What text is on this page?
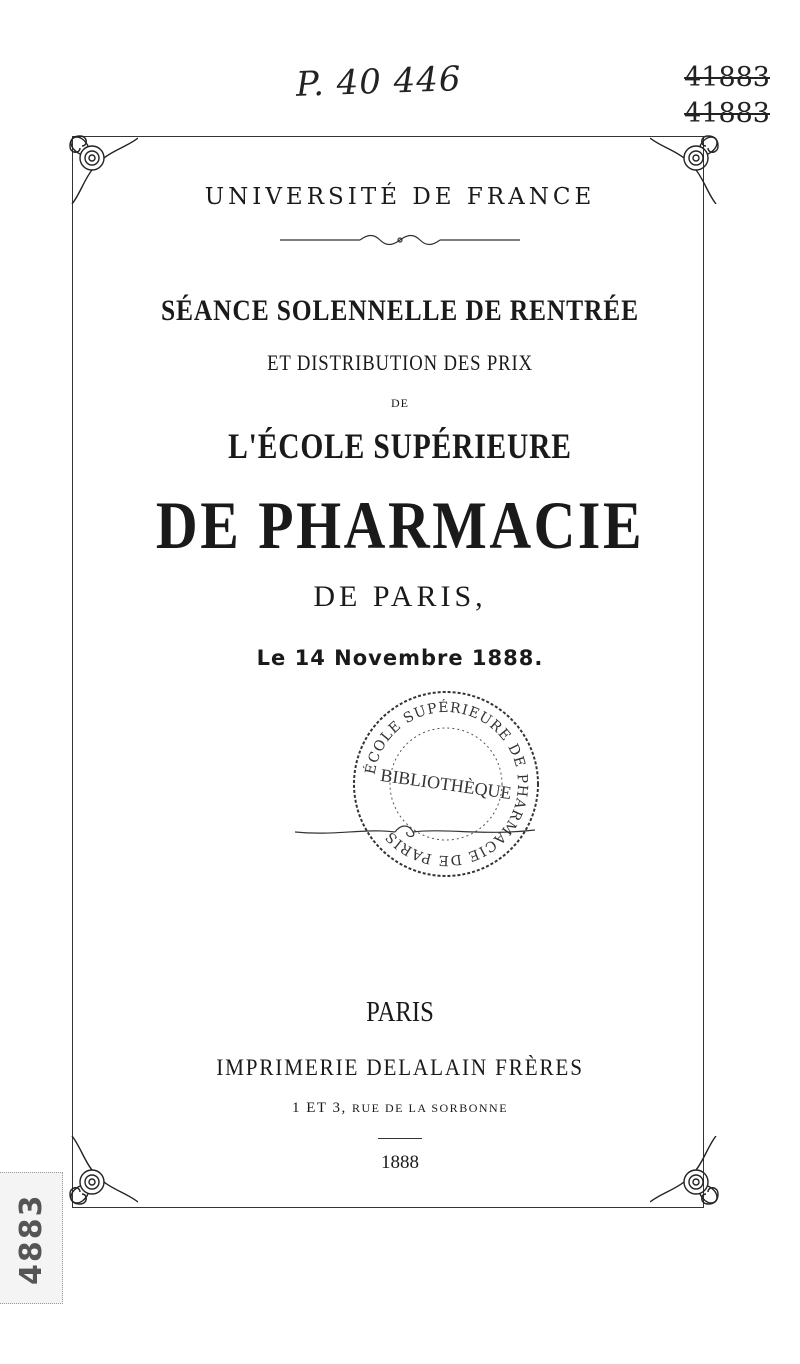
P. 40 446	41883
41883
UNIVERSITÉ DE FRANCE
SÉANCE SOLENNELLE DE RENTRÉE
ET DISTRIBUTION DES PRIX
DE
L'ÉCOLE SUPÉRIEURE
DE PHARMACIE
DE PARIS,
Le 14 Novembre 1888.
ÉCOLE SUPÉRIEURE DE PHARMACIE DE PARIS
BIBLIOTHÈQUE
PARIS
IMPRIMERIE DELALAIN FRÈRES
1 ET 3, RUE DE LA SORBONNE
1888
4883
